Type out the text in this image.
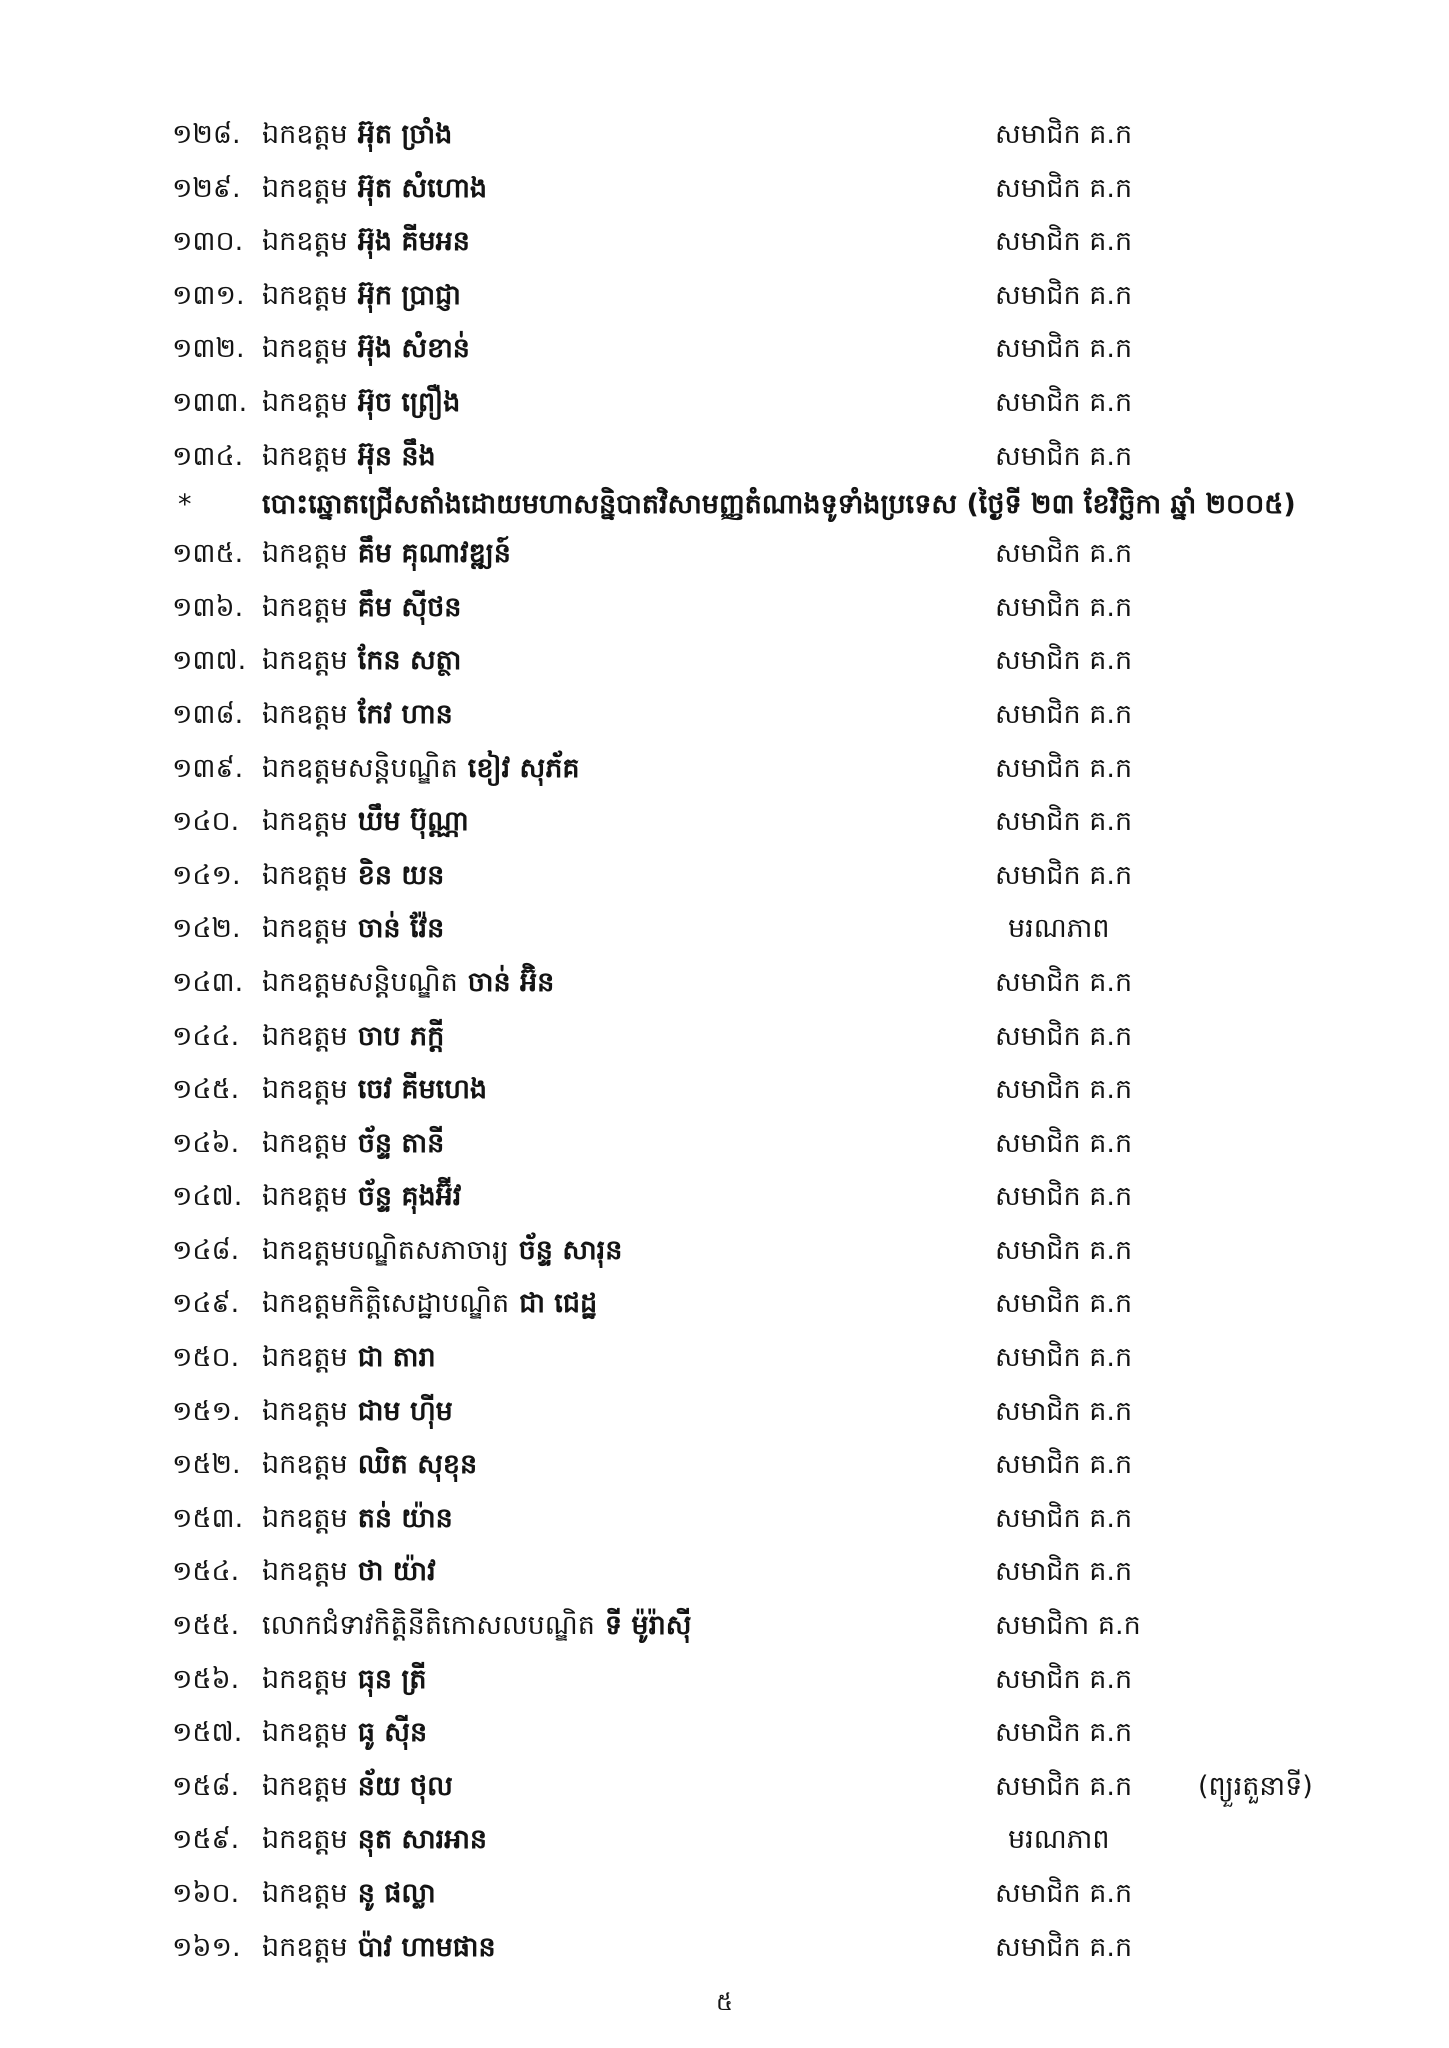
១២៨. ឯកឧត្តម អ៊ុត ច្រាំង	សមាជិក គ.ក
១២៩. ឯកឧត្តម អ៊ុត សំហោង	សមាជិក គ.ក
១៣០. ឯកឧត្តម អ៊ុង គីមអន	សមាជិក គ.ក
១៣១. ឯកឧត្តម អ៊ុក ប្រាជ្ញា	សមាជិក គ.ក
១៣២. ឯកឧត្តម អ៊ុង សំខាន់	សមាជិក គ.ក
១៣៣. ឯកឧត្តម អ៊ុច ព្រឿង	សមាជិក គ.ក
១៣៤. ឯកឧត្តម អ៊ុន នឹង	សមាជិក គ.ក
*	បោះឆ្នោតជ្រើសតាំងដោយមហាសន្និបាតវិសាមញ្ញតំណាងទូទាំងប្រទេស (ថ្ងៃទី ២៣ ខែវិច្ឆិកា ឆ្នាំ ២០០៥)
១៣៥. ឯកឧត្តម គឹម គុណាវឌ្ឍន៍	សមាជិក គ.ក
១៣៦. ឯកឧត្តម គឹម ស៊ីថន	សមាជិក គ.ក
១៣៧. ឯកឧត្តម កែន សត្ថា	សមាជិក គ.ក
១៣៨. ឯកឧត្តម កែវ ហាន	សមាជិក គ.ក
១៣៩. ឯកឧត្តមសន្តិបណ្ឌិត ខៀវ សុភ័គ	សមាជិក គ.ក
១៤០. ឯកឧត្តម ឃឹម ប៊ុណ្ណា	សមាជិក គ.ក
១៤១. ឯកឧត្តម ខិន យន	សមាជិក គ.ក
១៤២. ឯកឧត្តម ចាន់ វ៉ែន	មរណភាព
១៤៣. ឯកឧត្តមសន្តិបណ្ឌិត ចាន់ អ៊ិន	សមាជិក គ.ក
១៤៤. ឯកឧត្តម ចាប ភក្តី	សមាជិក គ.ក
១៤៥. ឯកឧត្តម ចេវ គីមហេង	សមាជិក គ.ក
១៤៦. ឯកឧត្តម ច័ន្ទ តានី	សមាជិក គ.ក
១៤៧. ឯកឧត្តម ច័ន្ទ គុងអ៊ីវ	សមាជិក គ.ក
១៤៨. ឯកឧត្តមបណ្ឌិតសភាចារ្យ ច័ន្ទ សារុន	សមាជិក គ.ក
១៤៩. ឯកឧត្តមកិត្តិសេដ្ឋាបណ្ឌិត ជា ជេដ្ឋ	សមាជិក គ.ក
១៥០. ឯកឧត្តម ជា តារា	សមាជិក គ.ក
១៥១. ឯកឧត្តម ជាម ហ៊ីម	សមាជិក គ.ក
១៥២. ឯកឧត្តម ឈិត សុខុន	សមាជិក គ.ក
១៥៣. ឯកឧត្តម តន់ យ៉ាន	សមាជិក គ.ក
១៥៤. ឯកឧត្តម ថា យ៉ាវ	សមាជិក គ.ក
១៥៥. លោកជំទាវកិត្តិនីតិកោសលបណ្ឌិត ទី ម៉ូរ៉ាស៊ី	សមាជិកា គ.ក
១៥៦. ឯកឧត្តម ធុន ត្រី	សមាជិក គ.ក
១៥៧. ឯកឧត្តម ធូ ស៊ីន	សមាជិក គ.ក
១៥៨. ឯកឧត្តម ន័យ ថុល	សមាជិក គ.ក (ព្យួរតួនាទី)
១៥៩. ឯកឧត្តម នុត សារអាន	មរណភាព
១៦០. ឯកឧត្តម នូ ផល្លា	សមាជិក គ.ក
១៦១. ឯកឧត្តម ប៉ាវ ហាមផាន	សមាជិក គ.ក
៥
